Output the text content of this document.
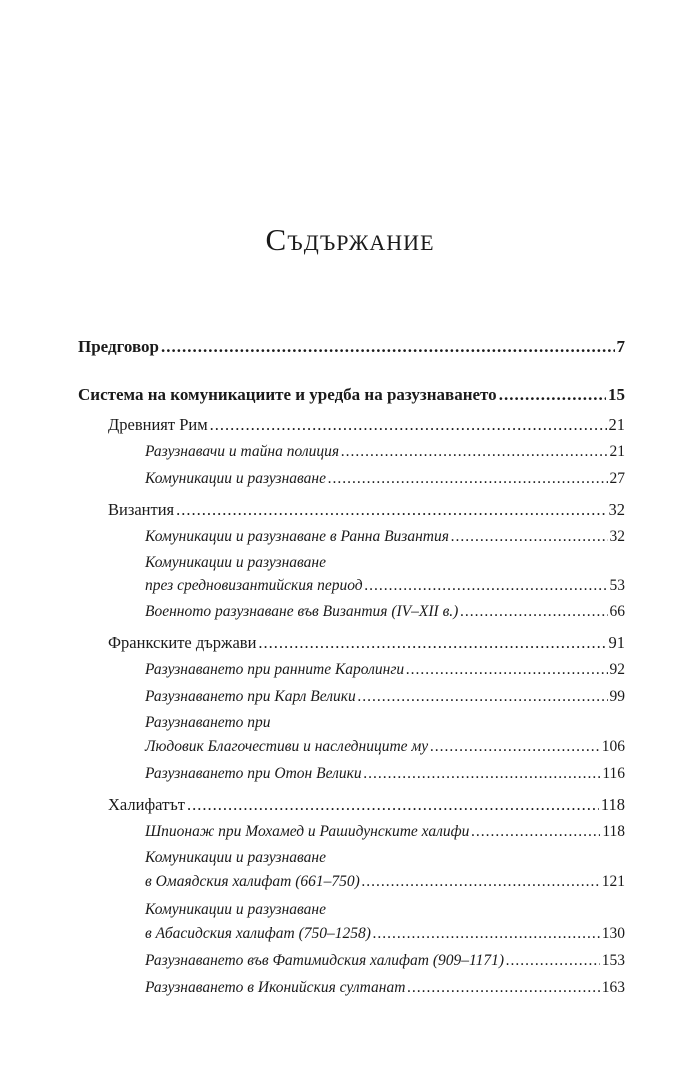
Съдържание
Предговор .....	7
Система на комуникациите и уредба на разузнаването .....	15
Древният Рим .....	21
Разузнавачи и тайна полиция .....	21
Комуникации и разузнаване .....	27
Византия .....	32
Комуникации и разузнаване в Ранна Византия .....	32
Комуникации и разузнаване
през средновизантийския период .....	53
Военното разузнаване във Византия (IV–XII в.) .....	66
Франкските държави .....	91
Разузнаването при ранните Каролинги .....	92
Разузнаването при Карл Велики .....	99
Разузнаването при
Людовик Благочестиви и наследниците му .....	106
Разузнаването при Отон Велики .....	116
Халифатът .....	118
Шпионаж при Мохамед и Рашидунските халифи .....	118
Комуникации и разузнаване
в Омаядския халифат (661–750) .....	121
Комуникации и разузнаване
в Абасидския халифат (750–1258) .....	130
Разузнаването във Фатимидския халифат (909–1171) .....	153
Разузнаването в Иконийския султанат .....	163
